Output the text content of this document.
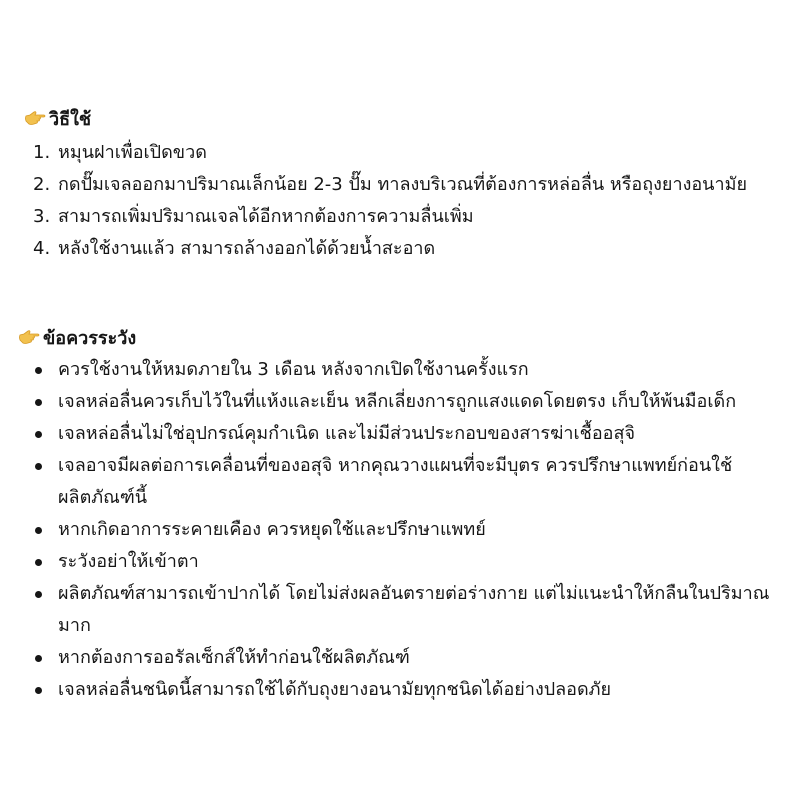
วิธีใช้
1. หมุนฝาเพื่อเปิดขวด
2. กดปั๊มเจลออกมาปริมาณเล็กน้อย 2-3 ปั๊ม ทาลงบริเวณที่ต้องการหล่อลื่น หรือถุงยางอนามัย
3. สามารถเพิ่มปริมาณเจลได้อีกหากต้องการความลื่นเพิ่ม
4. หลังใช้งานแล้ว สามารถล้างออกได้ด้วยน้ำสะอาด
ข้อควรระวัง
ควรใช้งานให้หมดภายใน 3 เดือน หลังจากเปิดใช้งานครั้งแรก
เจลหล่อลื่นควรเก็บไว้ในที่แห้งและเย็น หลีกเลี่ยงการถูกแสงแดดโดยตรง เก็บให้พ้นมือเด็ก
เจลหล่อลื่นไม่ใช่อุปกรณ์คุมกำเนิด และไม่มีส่วนประกอบของสารฆ่าเชื้ออสุจิ
เจลอาจมีผลต่อการเคลื่อนที่ของอสุจิ หากคุณวางแผนที่จะมีบุตร ควรปรึกษาแพทย์ก่อนใช้ผลิตภัณฑ์นี้
หากเกิดอาการระคายเคือง ควรหยุดใช้และปรึกษาแพทย์
ระวังอย่าให้เข้าตา
ผลิตภัณฑ์สามารถเข้าปากได้ โดยไม่ส่งผลอันตรายต่อร่างกาย แต่ไม่แนะนำให้กลืนในปริมาณมาก
หากต้องการออรัลเซ็กส์ให้ทำก่อนใช้ผลิตภัณฑ์
เจลหล่อลื่นชนิดนี้สามารถใช้ได้กับถุงยางอนามัยทุกชนิดได้อย่างปลอดภัย
